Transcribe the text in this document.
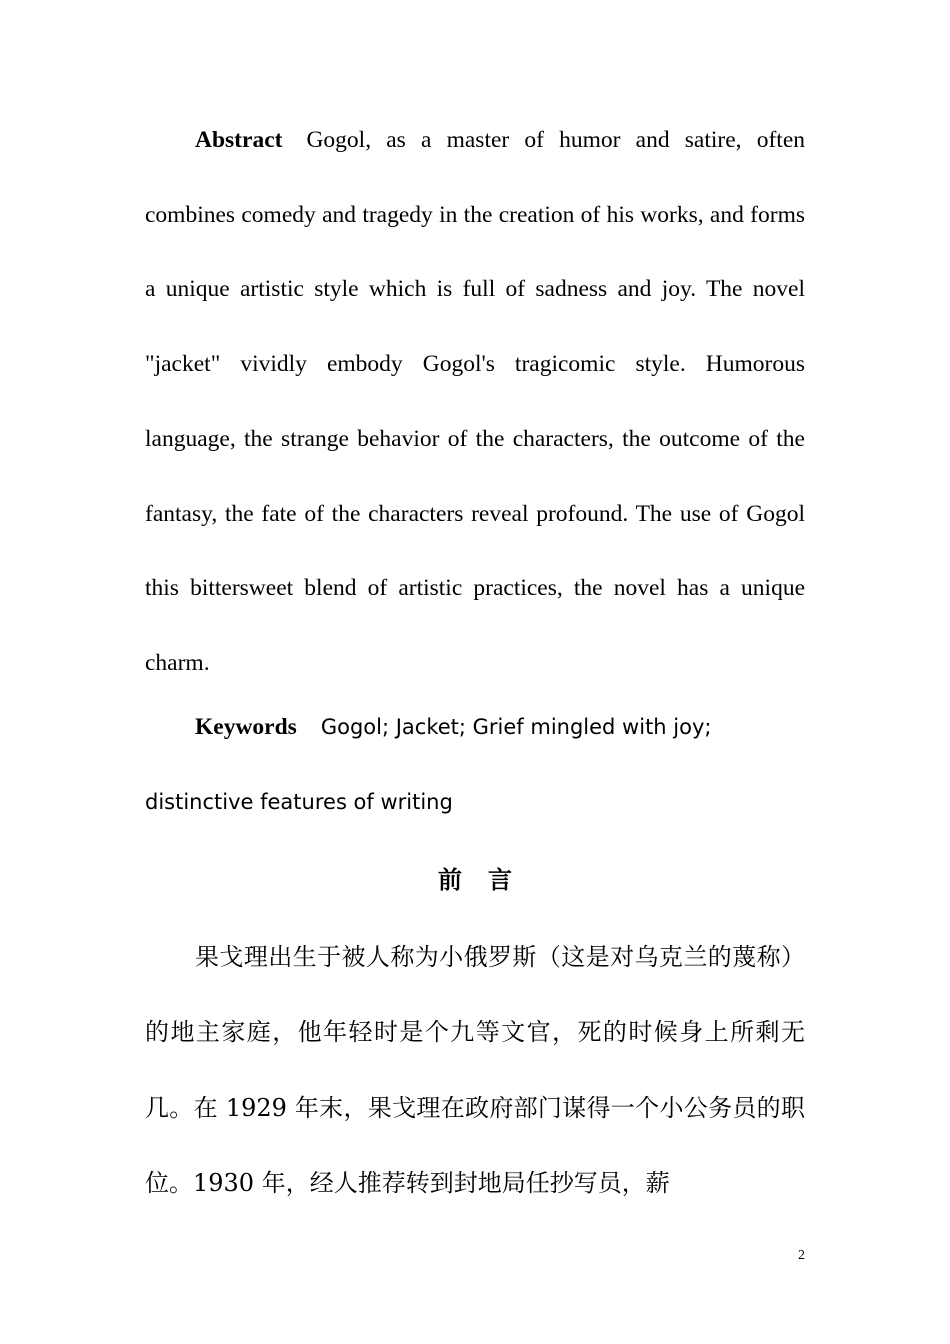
Abstract Gogol, as a master of humor and satire, often combines comedy and tragedy in the creation of his works, and forms a unique artistic style which is full of sadness and joy. The novel "jacket" vividly embody Gogol's tragicomic style. Humorous language, the strange behavior of the characters, the outcome of the fantasy, the fate of the characters reveal profound. The use of Gogol this bittersweet blend of artistic practices, the novel has a unique charm.

Keywords Gogol; Jacket; Grief mingled with joy; distinctive features of writing

前言

果戈理出生于被人称为小俄罗斯（这是对乌克兰的蔑称）的地主家庭，他年轻时是个九等文官，死的时候身上所剩无几。在 1929 年末，果戈理在政府部门谋得一个小公务员的职位。1930 年，经人推荐转到封地局任抄写员，薪

2
